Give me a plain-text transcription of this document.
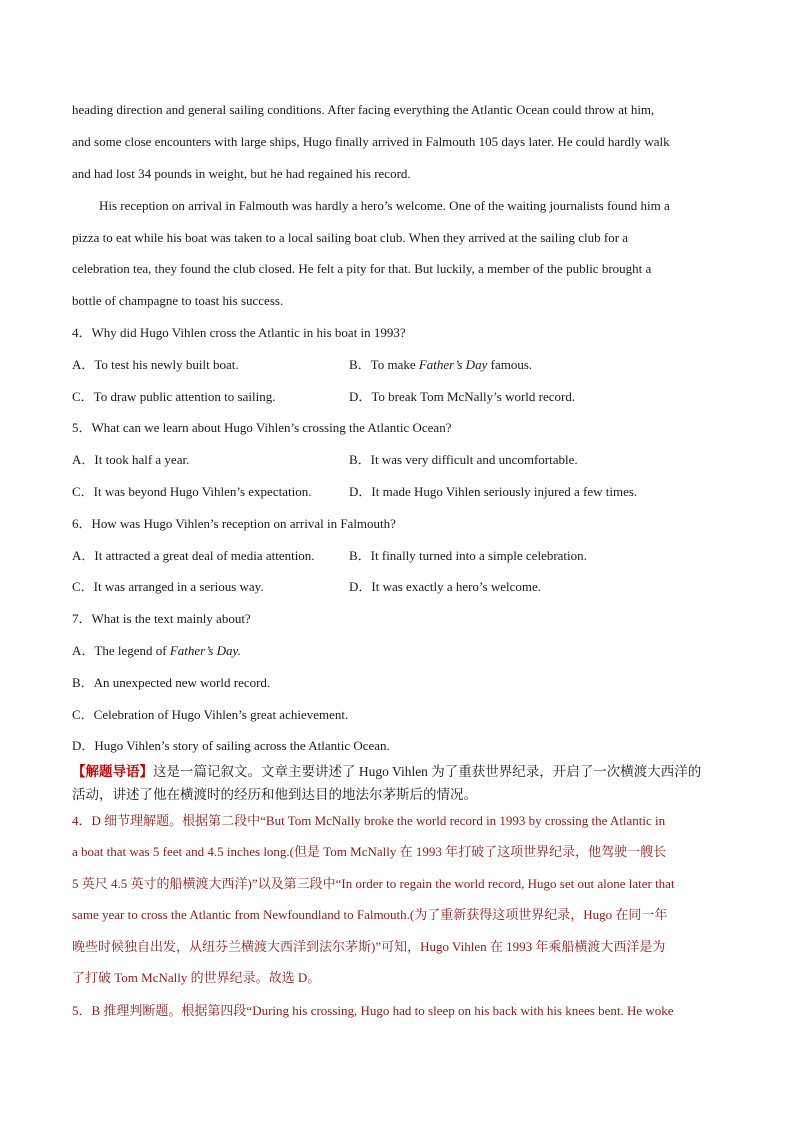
heading direction and general sailing conditions. After facing everything the Atlantic Ocean could throw at him,
and some close encounters with large ships, Hugo finally arrived in Falmouth 105 days later. He could hardly walk
and had lost 34 pounds in weight, but he had regained his record.
His reception on arrival in Falmouth was hardly a hero’s welcome. One of the waiting journalists found him a
pizza to eat while his boat was taken to a local sailing boat club. When they arrived at the sailing club for a
celebration tea, they found the club closed. He felt a pity for that. But luckily, a member of the public brought a
bottle of champagne to toast his success.
4．Why did Hugo Vihlen cross the Atlantic in his boat in 1993?
A．To test his newly built boat.	B．To make Father’s Day famous.
C．To draw public attention to sailing.	D．To break Tom McNally’s world record.
5．What can we learn about Hugo Vihlen’s crossing the Atlantic Ocean?
A．It took half a year.	B．It was very difficult and uncomfortable.
C．It was beyond Hugo Vihlen’s expectation.	D．It made Hugo Vihlen seriously injured a few times.
6．How was Hugo Vihlen’s reception on arrival in Falmouth?
A．It attracted a great deal of media attention.	B．It finally turned into a simple celebration.
C．It was arranged in a serious way.	D．It was exactly a hero’s welcome.
7．What is the text mainly about?
A．The legend of Father’s Day.
B．An unexpected new world record.
C．Celebration of Hugo Vihlen’s great achievement.
D．Hugo Vihlen’s story of sailing across the Atlantic Ocean.
【解题导语】这是一篇记叙文。文章主要讲述了 Hugo Vihlen 为了重获世界纪录，开启了一次横渡大西洋的
活动，讲述了他在横渡时的经历和他到达目的地法尔茅斯后的情况。
4．D 细节理解题。根据第二段中“But Tom McNally broke the world record in 1993 by crossing the Atlantic in
a boat that was 5 feet and 4.5 inches long.(但是 Tom McNally 在 1993 年打破了这项世界纪录，他驾驶一艘长
5 英尺 4.5 英寸的船横渡大西洋)”以及第三段中“In order to regain the world record, Hugo set out alone later that
same year to cross the Atlantic from Newfoundland to Falmouth.(为了重新获得这项世界纪录，Hugo 在同一年
晚些时候独自出发，从纽芬兰横渡大西洋到法尔茅斯)”可知，Hugo Vihlen 在 1993 年乘船横渡大西洋是为
了打破 Tom McNally 的世界纪录。故选 D。
5．B 推理判断题。根据第四段“During his crossing, Hugo had to sleep on his back with his knees bent. He woke
